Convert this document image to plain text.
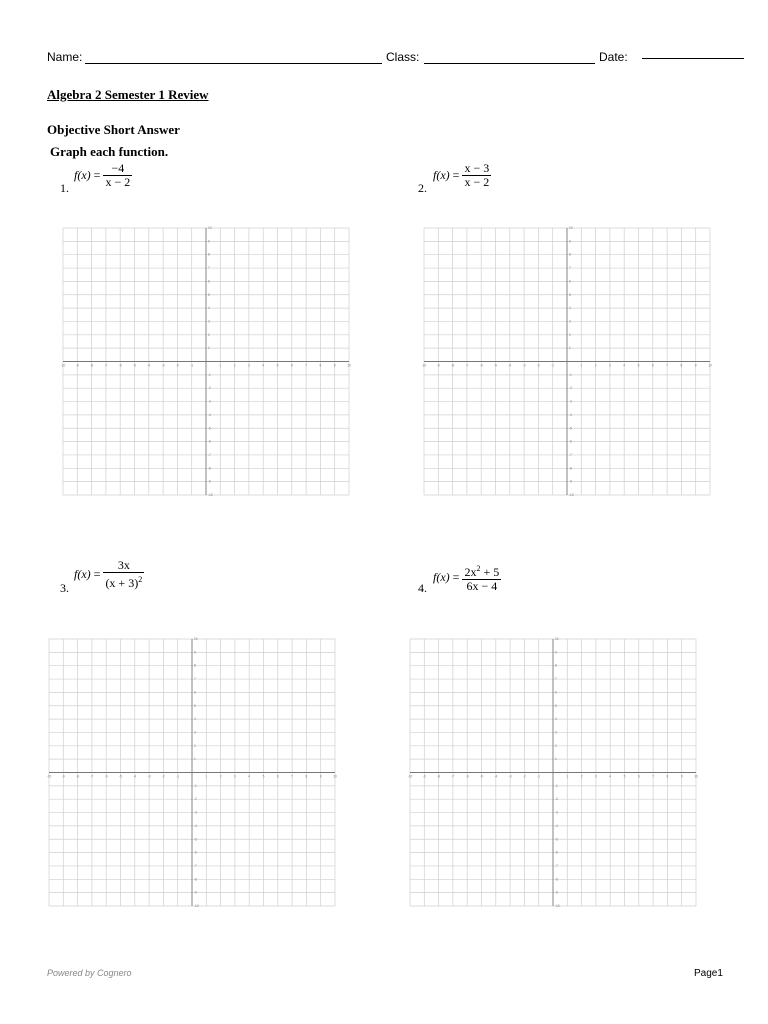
Name:	Class:	Date:
Algebra 2 Semester 1 Review
Objective Short Answer
Graph each function.
1.
$f(x) = \frac{-4}{x - 2}$	2.
$f(x) = \frac{x - 3}{x - 2}$
3.
$f(x) = \frac{3x}{(x + 3)^2}$	4.
$f(x) = \frac{2x^2 + 5}{6x - 4}$
-10	-9	-8	-7	-6	-5	-4	-3	-2	-1	1	2	3	4	5	6	7	8	9	10
-10
-9
-8
-7
-6
-5
-4
-3
-2
-1
1
2
3
4
5
6
7
8
9
10
-10	-9	-8	-7	-6	-5	-4	-3	-2	-1	1	2	3	4	5	6	7	8	9	10
-10
-9
-8
-7
-6
-5
-4
-3
-2
-1
1
2
3
4
5
6
7
8
9
10
-10	-9	-8	-7	-6	-5	-4	-3	-2	-1	1	2	3	4	5	6	7	8	9	10
-10
-9
-8
-7
-6
-5
-4
-3
-2
-1
1
2
3
4
5
6
7
8
9
10
-10	-9	-8	-7	-6	-5	-4	-3	-2	-1	1	2	3	4	5	6	7	8	9	10
-10
-9
-8
-7
-6
-5
-4
-3
-2
-1
1
2
3
4
5
6
7
8
9
10
Powered by Cognero	Page1
